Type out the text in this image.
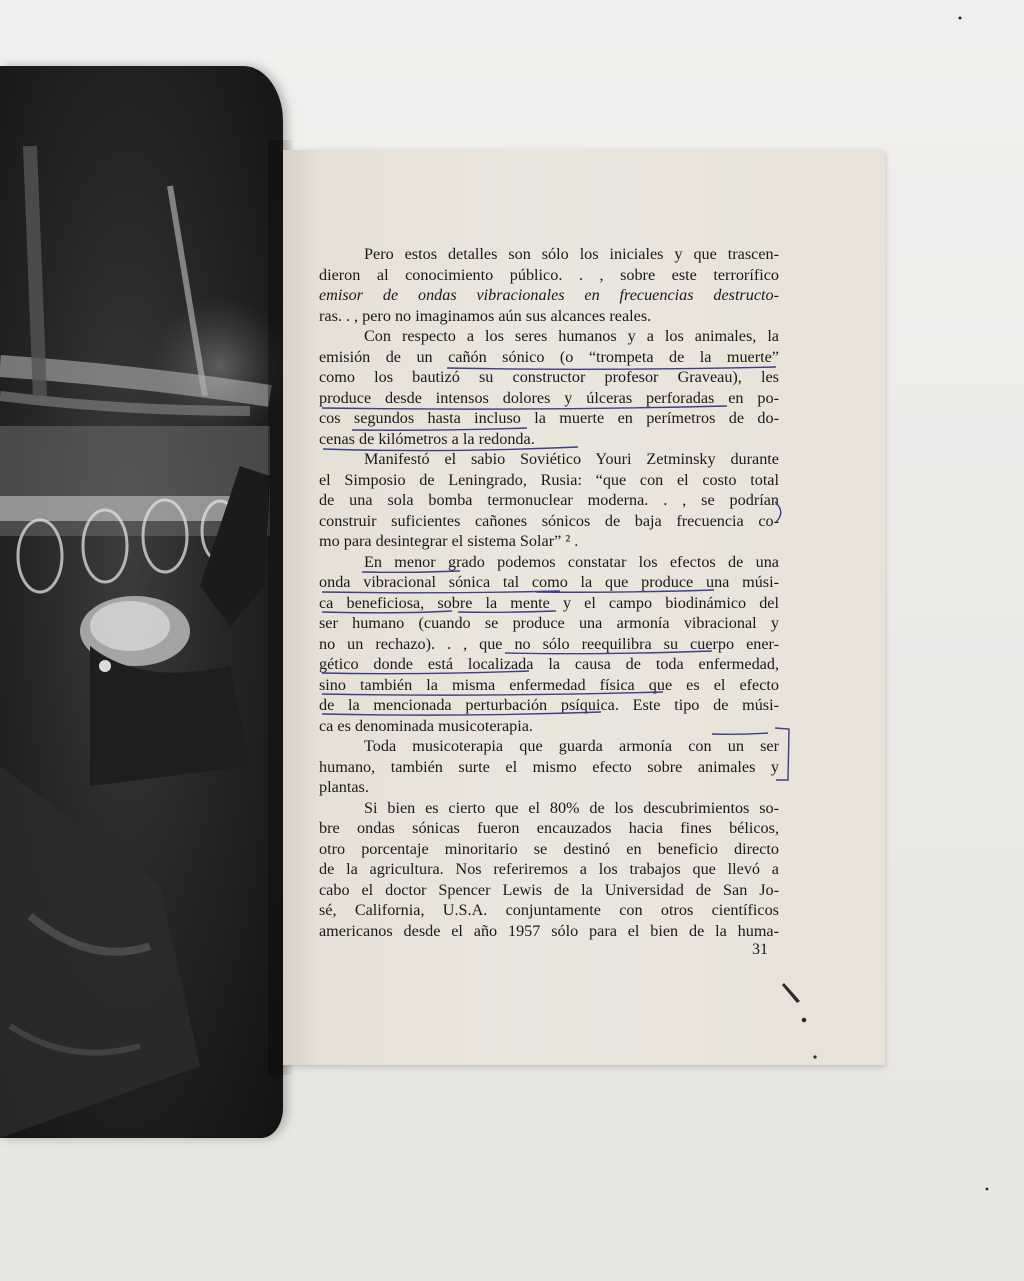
Pero estos detalles son sólo los iniciales y que trascen-
dieron al conocimiento público. . , sobre este terrorífico
emisor de ondas vibracionales en frecuencias destructo-
ras. . , pero no imaginamos aún sus alcances reales.
Con respecto a los seres humanos y a los animales, la
emisión de un cañón sónico (o “trompeta de la muerte”
como los bautizó su constructor profesor Graveau), les
produce desde intensos dolores y úlceras perforadas en po-
cos segundos hasta incluso la muerte en perímetros de do-
cenas de kilómetros a la redonda.
Manifestó el sabio Soviético Youri Zetminsky durante
el Simposio de Leningrado, Rusia: “que con el costo total
de una sola bomba termonuclear moderna. . , se podrían
construir suficientes cañones sónicos de baja frecuencia co-
mo para desintegrar el sistema Solar” ² .
En menor grado podemos constatar los efectos de una
onda vibracional sónica tal como la que produce una músi-
ca beneficiosa, sobre la mente y el campo biodinámico del
ser humano (cuando se produce una armonía vibracional y
no un rechazo). . , que no sólo reequilibra su cuerpo ener-
gético donde está localizada la causa de toda enfermedad,
sino también la misma enfermedad física que es el efecto
de la mencionada perturbación psíquica. Este tipo de músi-
ca es denominada musicoterapia.
Toda musicoterapia que guarda armonía con un ser
humano, también surte el mismo efecto sobre animales y
plantas.
Si bien es cierto que el 80% de los descubrimientos so-
bre ondas sónicas fueron encauzados hacia fines bélicos,
otro porcentaje minoritario se destinó en beneficio directo
de la agricultura. Nos referiremos a los trabajos que llevó a
cabo el doctor Spencer Lewis de la Universidad de San Jo-
sé, California, U.S.A. conjuntamente con otros científicos
americanos desde el año 1957 sólo para el bien de la huma-
31
